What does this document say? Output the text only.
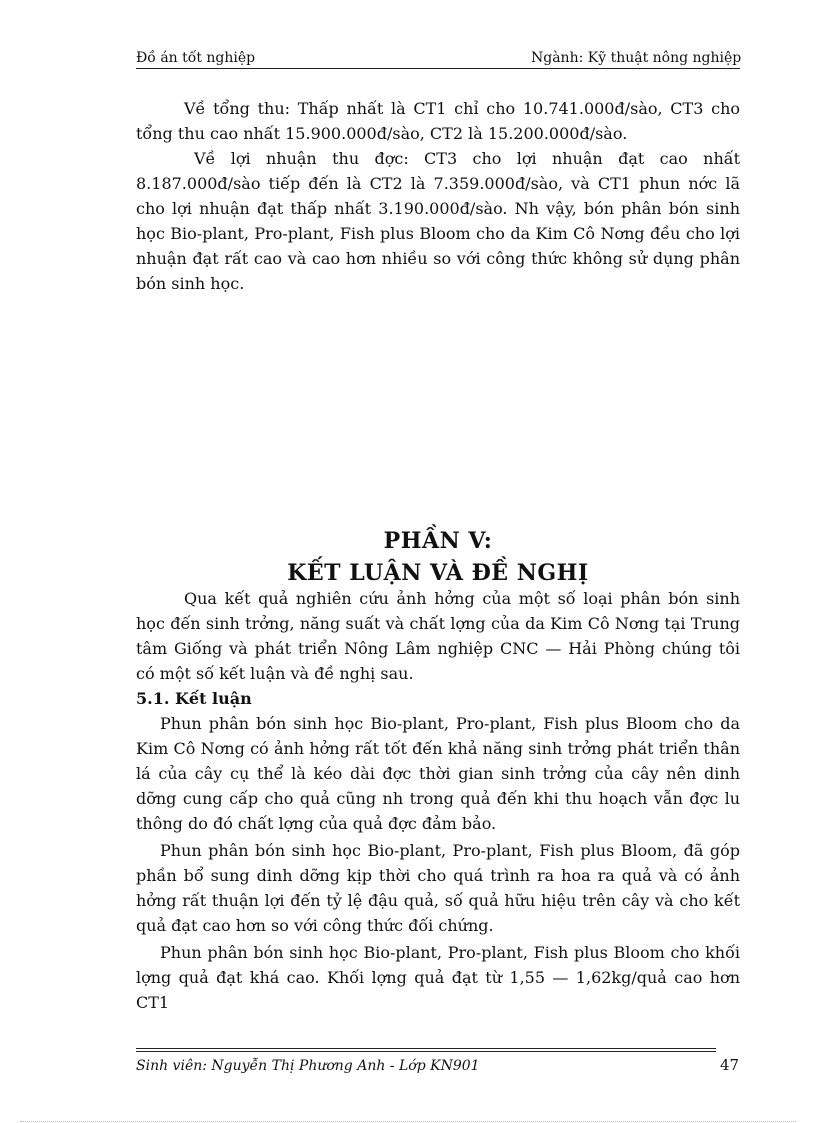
Đồ án tốt nghiệp	Ngành: Kỹ thuật nông nghiệp

Về tổng thu: Thấp nhất là CT1 chỉ cho 10.741.000đ/sào, CT3 cho tổng thu cao nhất 15.900.000đ/sào, CT2 là 15.200.000đ/sào.

Về lợi nhuận thu đợc: CT3 cho lợi nhuận đạt cao nhất 8.187.000đ/sào tiếp đến là CT2 là 7.359.000đ/sào, và CT1 phun nớc lã cho lợi nhuận đạt thấp nhất 3.190.000đ/sào. Nh vậy, bón phân bón sinh học Bio-plant, Pro-plant, Fish plus Bloom cho da Kim Cô Nơng đều cho lợi nhuận đạt rất cao và cao hơn nhiều so với công thức không sử dụng phân bón sinh học.

PHẦN V:
KẾT LUẬN VÀ ĐỀ NGHỊ

Qua kết quả nghiên cứu ảnh hởng của một số loại phân bón sinh học đến sinh trởng, năng suất và chất lợng của da Kim Cô Nơng tại Trung tâm Giống và phát triển Nông Lâm nghiệp CNC — Hải Phòng chúng tôi có một số kết luận và đề nghị sau.

5.1. Kết luận

Phun phân bón sinh học Bio-plant, Pro-plant, Fish plus Bloom cho da Kim Cô Nơng có ảnh hởng rất tốt đến khả năng sinh trởng phát triển thân lá của cây cụ thể là kéo dài đợc thời gian sinh trởng của cây nên dinh dỡng cung cấp cho quả cũng nh trong quả đến khi thu hoạch vẫn đợc lu thông do đó chất lợng của quả đợc đảm bảo.

Phun phân bón sinh học Bio-plant, Pro-plant, Fish plus Bloom, đã góp phần bổ sung dinh dỡng kịp thời cho quá trình ra hoa ra quả và có ảnh hởng rất thuận lợi đến tỷ lệ đậu quả, số quả hữu hiệu trên cây và cho kết quả đạt cao hơn so với công thức đối chứng.

Phun phân bón sinh học Bio-plant, Pro-plant, Fish plus Bloom cho khối lợng quả đạt khá cao. Khối lợng quả đạt từ 1,55 — 1,62kg/quả cao hơn CT1

Sinh viên: Nguyễn Thị Phương Anh - Lớp KN901	47
